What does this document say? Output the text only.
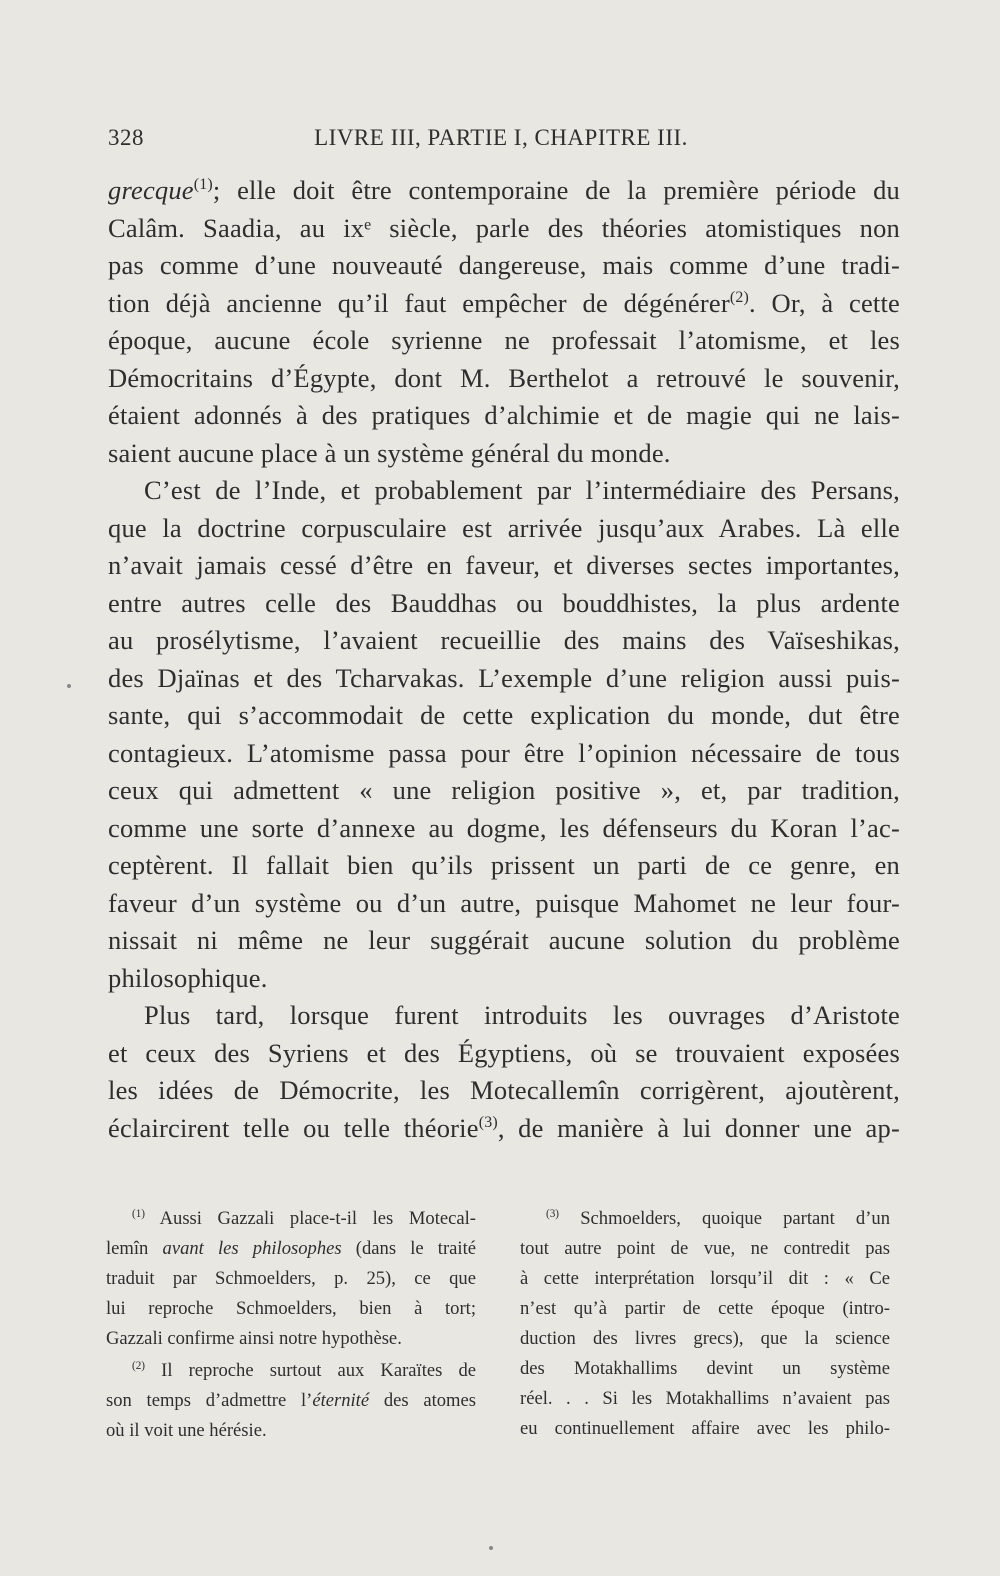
328	LIVRE III, PARTIE I, CHAPITRE III.

grecque$^{(1)}$; elle doit être contemporaine de la première période du
Calâm. Saadia, au ixᵉ siècle, parle des théories atomistiques non
pas comme d’une nouveauté dangereuse, mais comme d’une tradi-
tion déjà ancienne qu’il faut empêcher de dégénérer$^{(2)}$. Or, à cette
époque, aucune école syrienne ne professait l’atomisme, et les
Démocritains d’Égypte, dont M. Berthelot a retrouvé le souvenir,
étaient adonnés à des pratiques d’alchimie et de magie qui ne lais-
saient aucune place à un système général du monde.

C’est de l’Inde, et probablement par l’intermédiaire des Persans,
que la doctrine corpusculaire est arrivée jusqu’aux Arabes. Là elle
n’avait jamais cessé d’être en faveur, et diverses sectes importantes,
entre autres celle des Bauddhas ou bouddhistes, la plus ardente
au prosélytisme, l’avaient recueillie des mains des Vaïseshikas,
des Djaïnas et des Tcharvakas. L’exemple d’une religion aussi puis-
sante, qui s’accommodait de cette explication du monde, dut être
contagieux. L’atomisme passa pour être l’opinion nécessaire de tous
ceux qui admettent « une religion positive », et, par tradition,
comme une sorte d’annexe au dogme, les défenseurs du Koran l’ac-
ceptèrent. Il fallait bien qu’ils prissent un parti de ce genre, en
faveur d’un système ou d’un autre, puisque Mahomet ne leur four-
nissait ni même ne leur suggérait aucune solution du problème
philosophique.

Plus tard, lorsque furent introduits les ouvrages d’Aristote
et ceux des Syriens et des Égyptiens, où se trouvaient exposées
les idées de Démocrite, les Motecallemîn corrigèrent, ajoutèrent,
éclaircirent telle ou telle théorie$^{(3)}$, de manière à lui donner une ap-

$^{(1)}$ Aussi Gazzali place-t-il les Motecal-
lemîn avant les philosophes (dans le traité
traduit par Schmoelders, p. 25), ce que
lui reproche Schmoelders, bien à tort;
Gazzali confirme ainsi notre hypothèse.
$^{(2)}$ Il reproche surtout aux Karaïtes de
son temps d’admettre l’éternité des atomes
où il voit une hérésie.
$^{(3)}$ Schmoelders, quoique partant d’un
tout autre point de vue, ne contredit pas
à cette interprétation lorsqu’il dit : « Ce
n’est qu’à partir de cette époque (intro-
duction des livres grecs), que la science
des Motakhallims devint un système
réel. . . Si les Motakhallims n’avaient pas
eu continuellement affaire avec les philo-
